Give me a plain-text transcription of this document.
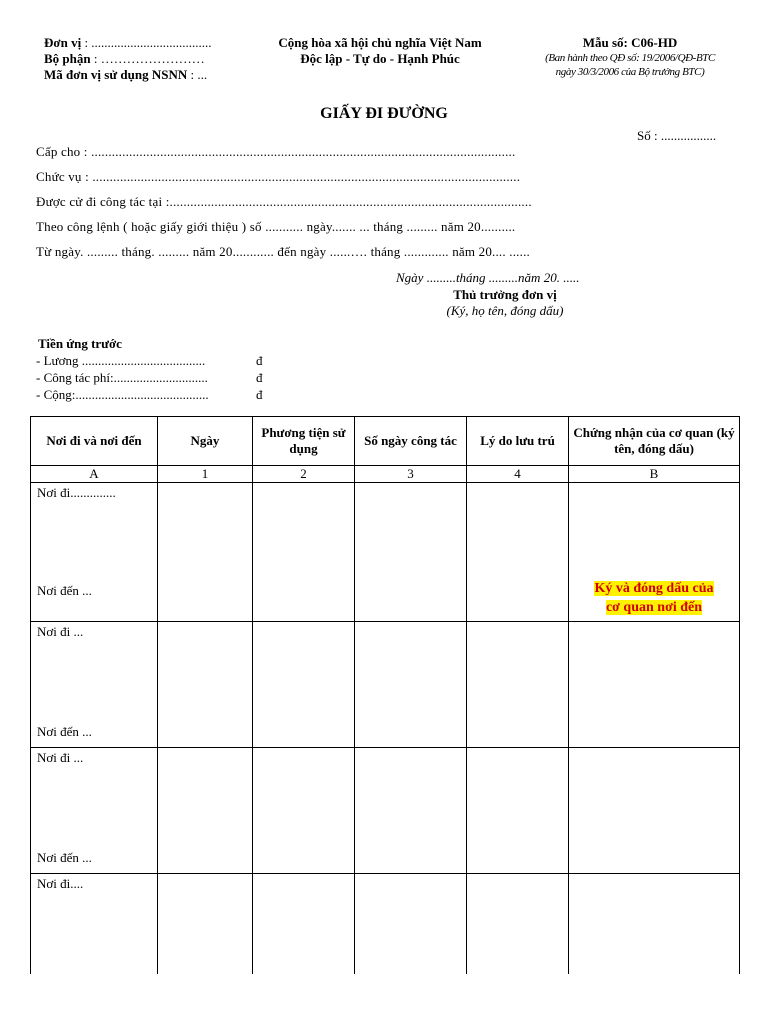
Đơn vị : .....................................
Bộ phận : ……………………
Mã đơn vị sử dụng NSNN : ...
Cộng hòa xã hội chủ nghĩa Việt Nam
Độc lập - Tự do - Hạnh Phúc
Mẫu số: C06-HD
(Ban hành theo QĐ số: 19/2006/QĐ-BTC
ngày 30/3/2006 của Bộ trưởng BTC)
GIẤY ĐI ĐƯỜNG
Số : .................
Cấp cho : ...........................................................................................................................
Chức vụ : ............................................................................................................................
Được cử đi công tác tại :.........................................................................................................
Theo công lệnh ( hoặc giấy giới thiệu ) số ........... ngày....... ... tháng ......... năm 20..........
Từ ngày. ......... tháng. ......... năm 20............ đến ngày ......…. tháng ............. năm 20.... ......
Ngày .........tháng .........năm 20. .....
Thủ trưởng đơn vị
(Ký, họ tên, đóng dấu)
Tiền ứng trước
- Lương ......................................	đ
- Công tác phí:.............................	đ
- Cộng:.........................................	đ
Nơi đi và nơi đến	Ngày	Phương tiện sử dụng	Số ngày công tác	Lý do lưu trú	Chứng nhận của cơ quan (ký tên, đóng dấu)
A	1	2	3	4	B

Nơi đi..............
Nơi đến ...					Ký và đóng dấu của
cơ quan nơi đến

Nơi đi ...
Nơi đến ...					

Nơi đi ...
Nơi đến ...					

Nơi đi....					
